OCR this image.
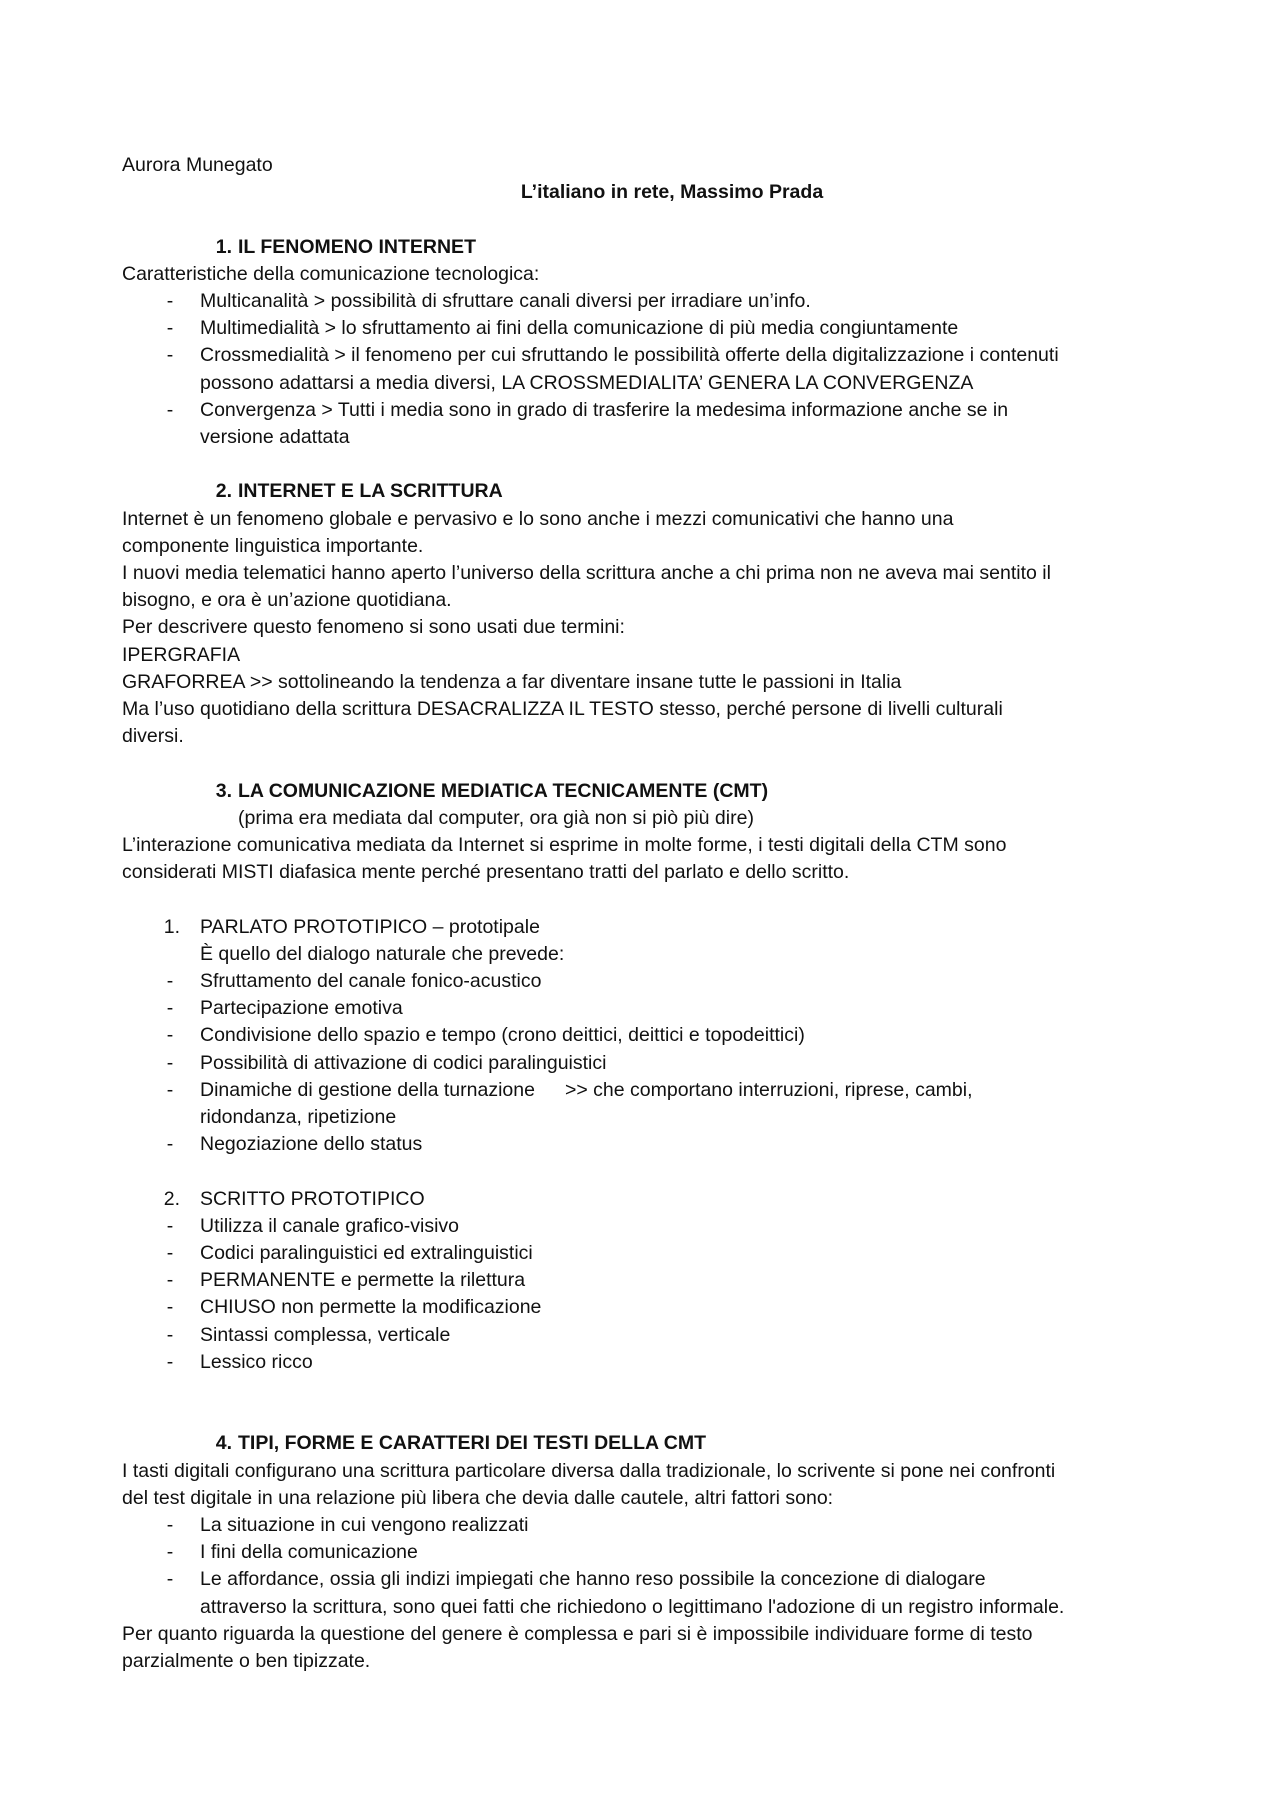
Aurora Munegato
L’italiano in rete, Massimo Prada
1. IL FENOMENO INTERNET
Caratteristiche della comunicazione tecnologica:
- Multicanalità > possibilità di sfruttare canali diversi per irradiare un’info.
- Multimedialità > lo sfruttamento ai fini della comunicazione di più media congiuntamente
- Crossmedialità > il fenomeno per cui sfruttando le possibilità offerte della digitalizzazione i contenuti
possono adattarsi a media diversi, LA CROSSMEDIALITA’ GENERA LA CONVERGENZA
- Convergenza > Tutti i media sono in grado di trasferire la medesima informazione anche se in
versione adattata
2. INTERNET E LA SCRITTURA
Internet è un fenomeno globale e pervasivo e lo sono anche i mezzi comunicativi che hanno una
componente linguistica importante.
I nuovi media telematici hanno aperto l’universo della scrittura anche a chi prima non ne aveva mai sentito il
bisogno, e ora è un’azione quotidiana.
Per descrivere questo fenomeno si sono usati due termini:
IPERGRAFIA
GRAFORREA >> sottolineando la tendenza a far diventare insane tutte le passioni in Italia
Ma l’uso quotidiano della scrittura DESACRALIZZA IL TESTO stesso, perché persone di livelli culturali
diversi.
3. LA COMUNICAZIONE MEDIATICA TECNICAMENTE (CMT)
(prima era mediata dal computer, ora già non si piò più dire)
L’interazione comunicativa mediata da Internet si esprime in molte forme, i testi digitali della CTM sono
considerati MISTI diafasica mente perché presentano tratti del parlato e dello scritto.
1. PARLATO PROTOTIPICO – prototipale
È quello del dialogo naturale che prevede:
- Sfruttamento del canale fonico-acustico
- Partecipazione emotiva
- Condivisione dello spazio e tempo (crono deittici, deittici e topodeittici)
- Possibilità di attivazione di codici paralinguistici
- Dinamiche di gestione della turnazione >> che comportano interruzioni, riprese, cambi,
ridondanza, ripetizione
- Negoziazione dello status
2. SCRITTO PROTOTIPICO
- Utilizza il canale grafico-visivo
- Codici paralinguistici ed extralinguistici
- PERMANENTE e permette la rilettura
- CHIUSO non permette la modificazione
- Sintassi complessa, verticale
- Lessico ricco
4. TIPI, FORME E CARATTERI DEI TESTI DELLA CMT
I tasti digitali configurano una scrittura particolare diversa dalla tradizionale, lo scrivente si pone nei confronti
del test digitale in una relazione più libera che devia dalle cautele, altri fattori sono:
- La situazione in cui vengono realizzati
- I fini della comunicazione
- Le affordance, ossia gli indizi impiegati che hanno reso possibile la concezione di dialogare
attraverso la scrittura, sono quei fatti che richiedono o legittimano l'adozione di un registro informale.
Per quanto riguarda la questione del genere è complessa e pari si è impossibile individuare forme di testo
parzialmente o ben tipizzate.
